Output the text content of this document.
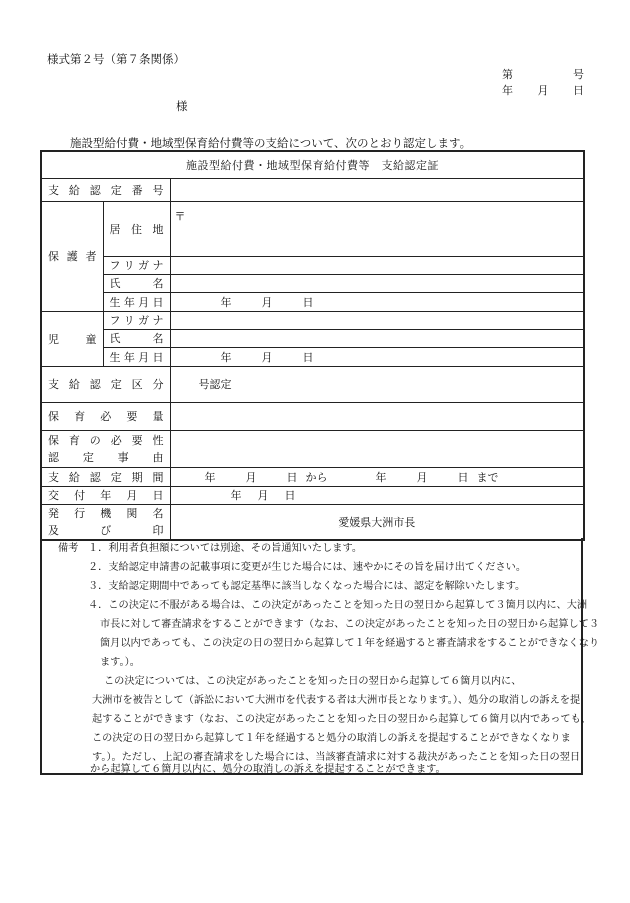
様式第２号（第７条関係）
第	号
年 月 日
様
施設型給付費・地域型保育給付費等の支給について、次のとおり認定します。
施設型給付費・地域型保育給付費等　支給認定証		
支給認定番号		
保護者	居住地	〒
	フリガナ	
	氏名	
	生年月日	年 月 日
児童	フリガナ	
	氏名	
	生年月日	年 月 日
支給認定区分		号認定
保育必要量		

保育の必要性
認定事由		

支給認定期間		年 月 日 から 年 月 日 まで
交付年月日		年 月 日

発行機関名
及び印		愛媛県大洲市長
備考 １．利用者負担額については別途、その旨通知いたします。
２．支給認定申請書の記載事項に変更が生じた場合には、速やかにその旨を届け出てください。
３．支給認定期間中であっても認定基準に該当しなくなった場合には、認定を解除いたします。
４．この決定に不服がある場合は、この決定があったことを知った日の翌日から起算して３箇月以内に、大洲
市長に対して審査請求をすることができます（なお、この決定があったことを知った日の翌日から起算して３
箇月以内であっても、この決定の日の翌日から起算して１年を経過すると審査請求をすることができなくなり
ます。）。
この決定については、この決定があったことを知った日の翌日から起算して６箇月以内に、
大洲市を被告として（訴訟において大洲市を代表する者は大洲市長となります。）、処分の取消しの訴えを提
起することができます（なお、この決定があったことを知った日の翌日から起算して６箇月以内であっても、
この決定の日の翌日から起算して１年を経過すると処分の取消しの訴えを提起することができなくなりま
す。）。ただし、上記の審査請求をした場合には、当該審査請求に対する裁決があったことを知った日の翌日
から起算して６箇月以内に、処分の取消しの訴えを提起することができます。
